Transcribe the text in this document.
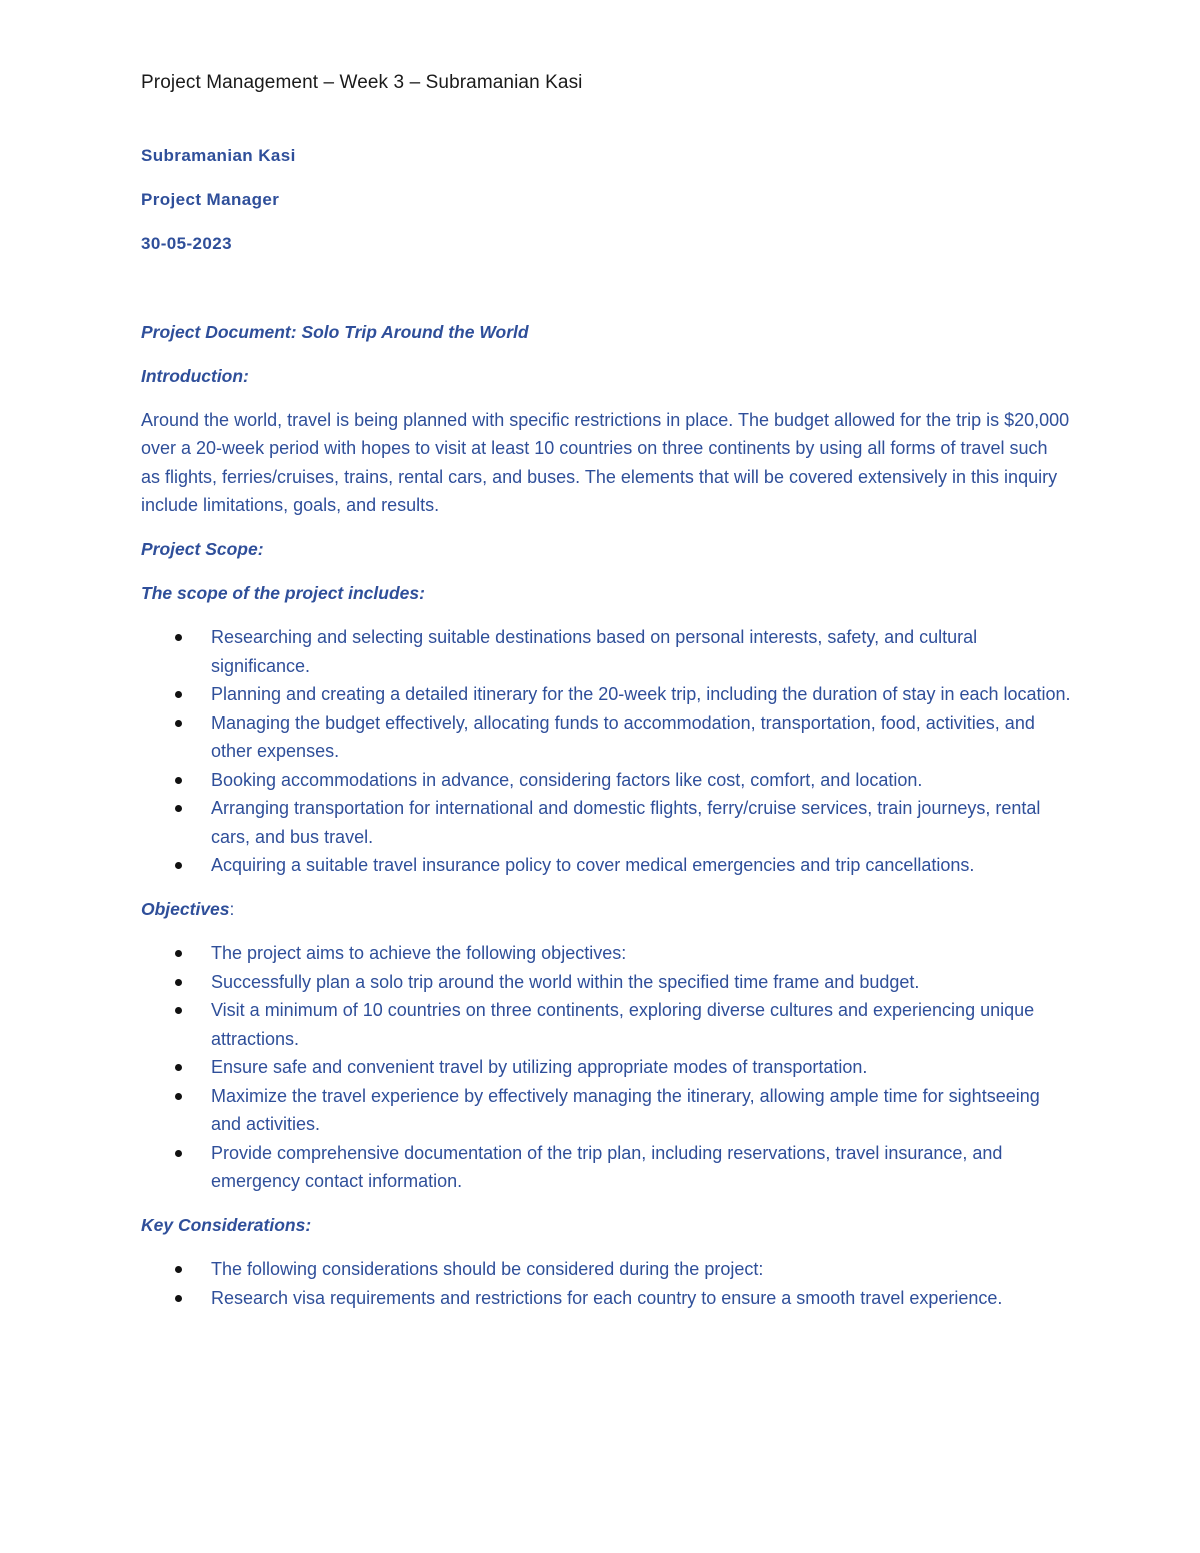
Project Management – Week 3 – Subramanian Kasi
Subramanian Kasi
Project Manager
30-05-2023
Project Document: Solo Trip Around the World
Introduction:
Around the world, travel is being planned with specific restrictions in place. The budget allowed for the trip is $20,000 over a 20-week period with hopes to visit at least 10 countries on three continents by using all forms of travel such as flights, ferries/cruises, trains, rental cars, and buses. The elements that will be covered extensively in this inquiry include limitations, goals, and results.
Project Scope:
The scope of the project includes:
Researching and selecting suitable destinations based on personal interests, safety, and cultural significance.
Planning and creating a detailed itinerary for the 20-week trip, including the duration of stay in each location.
Managing the budget effectively, allocating funds to accommodation, transportation, food, activities, and other expenses.
Booking accommodations in advance, considering factors like cost, comfort, and location.
Arranging transportation for international and domestic flights, ferry/cruise services, train journeys, rental cars, and bus travel.
Acquiring a suitable travel insurance policy to cover medical emergencies and trip cancellations.
Objectives:
The project aims to achieve the following objectives:
Successfully plan a solo trip around the world within the specified time frame and budget.
Visit a minimum of 10 countries on three continents, exploring diverse cultures and experiencing unique attractions.
Ensure safe and convenient travel by utilizing appropriate modes of transportation.
Maximize the travel experience by effectively managing the itinerary, allowing ample time for sightseeing and activities.
Provide comprehensive documentation of the trip plan, including reservations, travel insurance, and emergency contact information.
Key Considerations:
The following considerations should be considered during the project:
Research visa requirements and restrictions for each country to ensure a smooth travel experience.
